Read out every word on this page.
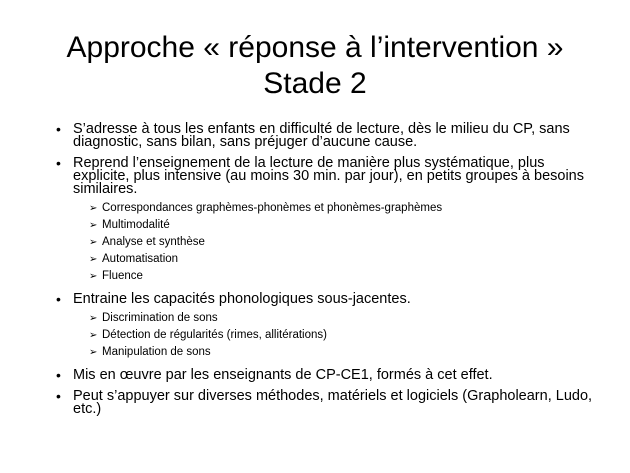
Approche « réponse à l’intervention »
Stade 2
• S’adresse à tous les enfants en difficulté de lecture, dès le milieu du CP, sans diagnostic, sans bilan, sans préjuger d’aucune cause.
• Reprend l’enseignement de la lecture de manière plus systématique, plus explicite, plus intensive (au moins 30 min. par jour), en petits groupes à besoins similaires.
➢ Correspondances graphèmes-phonèmes et phonèmes-graphèmes
➢ Multimodalité
➢ Analyse et synthèse
➢ Automatisation
➢ Fluence
• Entraine les capacités phonologiques sous-jacentes.
➢ Discrimination de sons
➢ Détection de régularités (rimes, allitérations)
➢ Manipulation de sons
• Mis en œuvre par les enseignants de CP-CE1, formés à cet effet.
• Peut s’appuyer sur diverses méthodes, matériels et logiciels (Grapholearn, Ludo, etc.)
